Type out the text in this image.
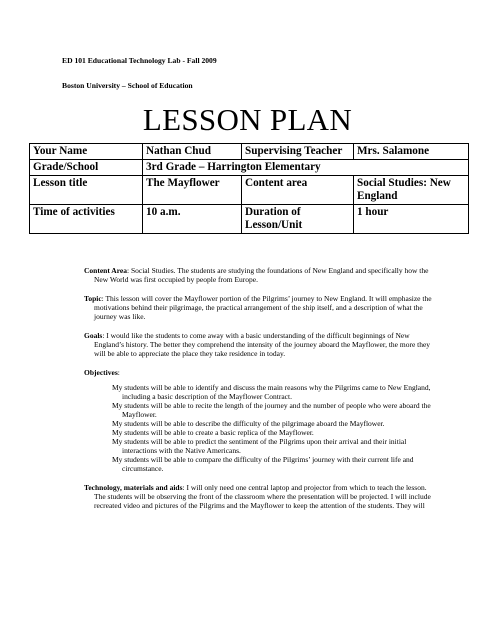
ED 101 Educational Technology Lab - Fall 2009
Boston University – School of Education
LESSON PLAN
Your Name	Nathan Chud	Supervising Teacher	Mrs. Salamone
Grade/School	3rd Grade – Harrington Elementary		
Lesson title	The Mayflower	Content area	Social Studies: New England
Time of activities	10 a.m.	Duration of Lesson/Unit	1 hour

Content Area: Social Studies. The students are studying the foundations of New England and specifically how the New World was first occupied by people from Europe.

Topic: This lesson will cover the Mayflower portion of the Pilgrims’ journey to New England. It will emphasize the motivations behind their pilgrimage, the practical arrangement of the ship itself, and a description of what the journey was like.

Goals: I would like the students to come away with a basic understanding of the difficult beginnings of New England’s history. The better they comprehend the intensity of the journey aboard the Mayflower, the more they will be able to appreciate the place they take residence in today.

Objectives:

My students will be able to identify and discuss the main reasons why the Pilgrims came to New England, including a basic description of the Mayflower Contract.

My students will be able to recite the length of the journey and the number of people who were aboard the Mayflower.

My students will be able to describe the difficulty of the pilgrimage aboard the Mayflower.

My students will be able to create a basic replica of the Mayflower.

My students will be able to predict the sentiment of the Pilgrims upon their arrival and their initial interactions with the Native Americans.

My students will be able to compare the difficulty of the Pilgrims’ journey with their current life and circumstance.

Technology, materials and aids: I will only need one central laptop and projector from which to teach the lesson. The students will be observing the front of the classroom where the presentation will be projected. I will include recreated video and pictures of the Pilgrims and the Mayflower to keep the attention of the students. They will
